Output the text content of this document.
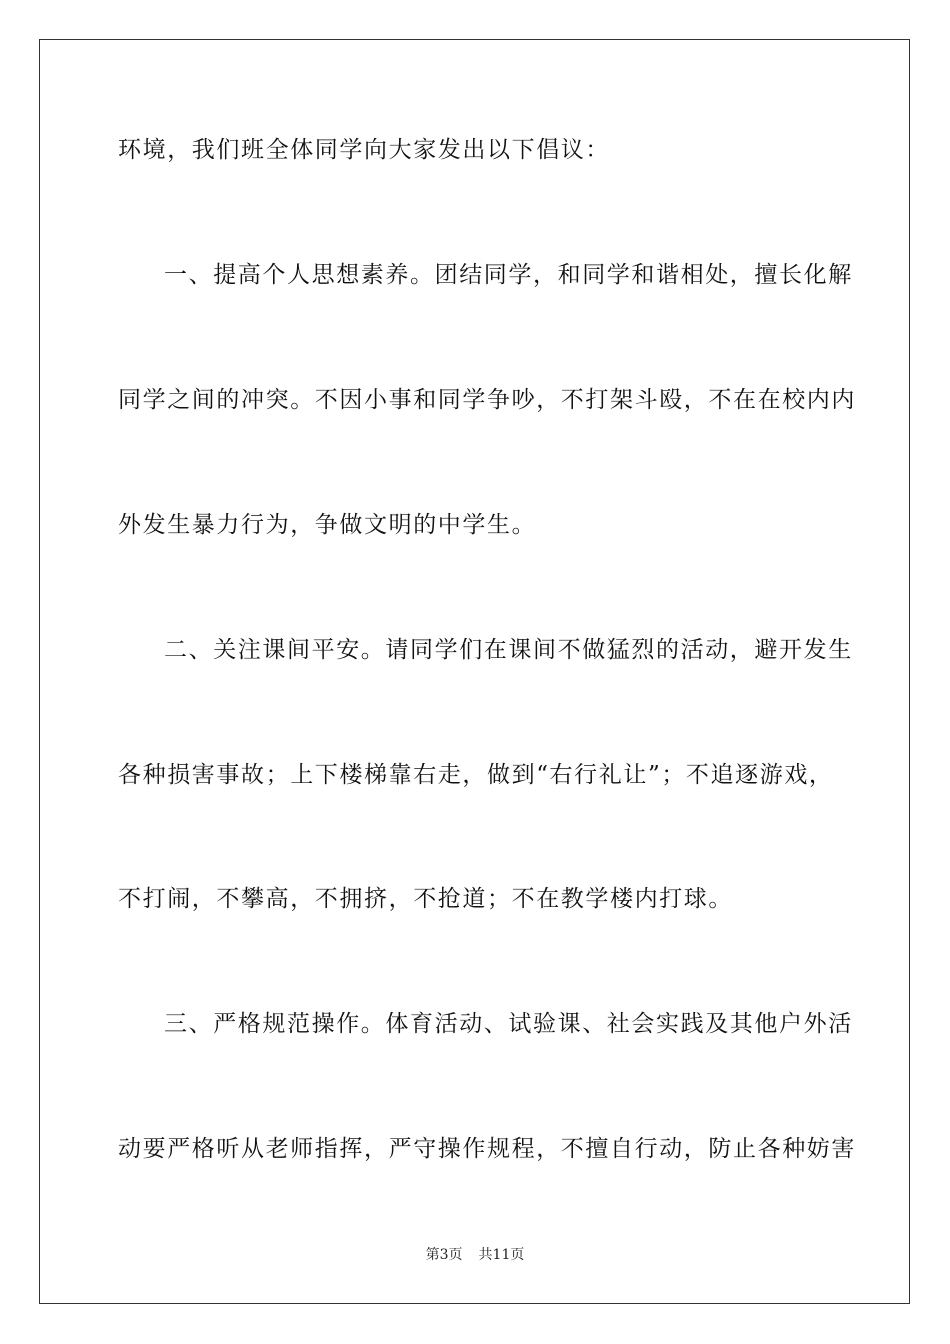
环境，我们班全体同学向大家发出以下倡议：
一、提高个人思想素养。团结同学，和同学和谐相处，擅长化解
同学之间的冲突。不因小事和同学争吵，不打架斗殴，不在在校内内
外发生暴力行为，争做文明的中学生。
二、关注课间平安。请同学们在课间不做猛烈的活动，避开发生
各种损害事故；上下楼梯靠右走，做到“右行礼让”；不追逐游戏，
不打闹，不攀高，不拥挤，不抢道；不在教学楼内打球。
三、严格规范操作。体育活动、试验课、社会实践及其他户外活
动要严格听从老师指挥，严守操作规程，不擅自行动，防止各种妨害
第3页 共11页
